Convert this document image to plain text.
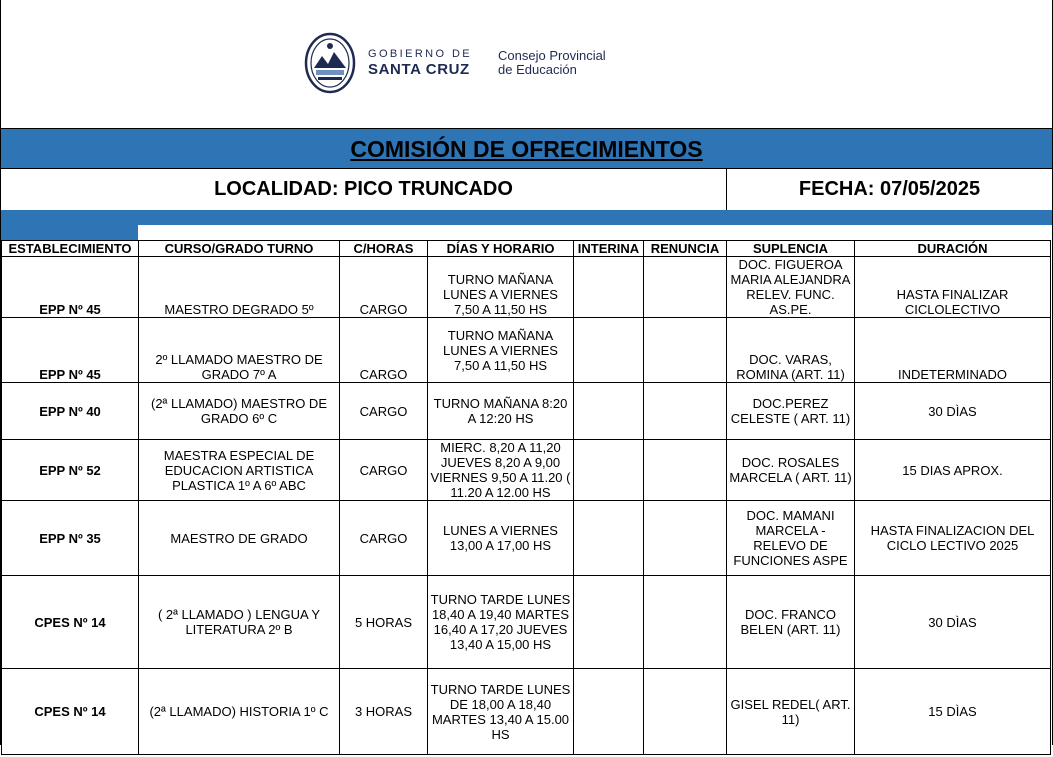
GOBIERNO DE
SANTA CRUZ
Consejo Provincial
de Educación
COMISIÓN DE OFRECIMIENTOS
LOCALIDAD: PICO TRUNCADO	FECHA: 07/05/2025
ESTABLECIMIENTO	CURSO/GRADO TURNO	C/HORAS	DÍAS Y HORARIO	INTERINA	RENUNCIA	SUPLENCIA	DURACIÓN
EPP Nº 45	MAESTRO DEGRADO 5º	CARGO	TURNO MAÑANA LUNES A VIERNES 7,50 A 11,50 HS			DOC. FIGUEROA MARIA ALEJANDRA RELEV. FUNC. AS.PE.	HASTA FINALIZAR CICLOLECTIVO
EPP Nº 45	2º LLAMADO MAESTRO DE GRADO 7º A	CARGO	TURNO MAÑANA LUNES A VIERNES 7,50 A 11,50 HS			DOC. VARAS, ROMINA (ART. 11)	INDETERMINADO
EPP Nº 40	(2ª LLAMADO) MAESTRO DE GRADO 6º C	CARGO	TURNO MAÑANA 8:20 A 12:20 HS			DOC.PEREZ CELESTE ( ART. 11)	30 DÌAS
EPP Nº 52	MAESTRA ESPECIAL DE EDUCACION ARTISTICA PLASTICA 1º A 6º ABC	CARGO	MIERC. 8,20 A 11,20 JUEVES 8,20 A 9,00 VIERNES 9,50 A 11.20 ( 11.20 A 12.00 HS			DOC. ROSALES MARCELA ( ART. 11)	15 DIAS APROX.
EPP Nº 35	MAESTRO DE GRADO	CARGO	LUNES A VIERNES 13,00 A 17,00 HS			DOC. MAMANI MARCELA - RELEVO DE FUNCIONES ASPE	HASTA FINALIZACION DEL CICLO LECTIVO 2025
CPES Nº 14	( 2ª LLAMADO ) LENGUA Y LITERATURA 2º B	5 HORAS	TURNO TARDE LUNES 18,40 A 19,40 MARTES 16,40 A 17,20 JUEVES 13,40 A 15,00 HS			DOC. FRANCO BELEN (ART. 11)	30 DÌAS
CPES Nº 14	(2ª LLAMADO) HISTORIA 1º C	3 HORAS	TURNO TARDE LUNES DE 18,00 A 18,40 MARTES 13,40 A 15.00 HS			GISEL REDEL( ART. 11)	15 DÌAS
